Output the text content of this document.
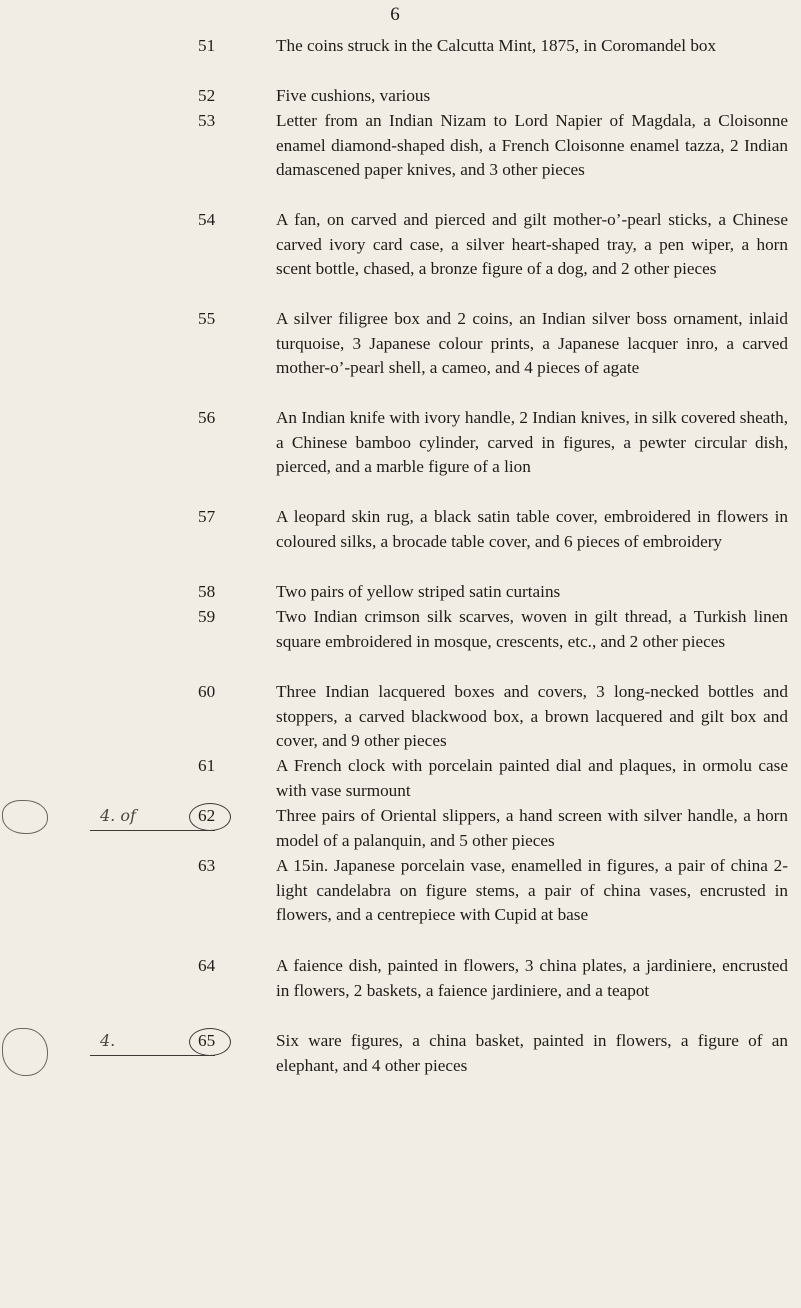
6
51	The coins struck in the Calcutta Mint, 1875, in Coromandel box

52	Five cushions, various

53	Letter from an Indian Nizam to Lord Napier of Magdala, a Cloisonne enamel diamond-shaped dish, a French Cloisonne enamel tazza, 2 Indian damascened paper knives, and 3 other pieces

54	A fan, on carved and pierced and gilt mother-o’-pearl sticks, a Chinese carved ivory card case, a silver heart-shaped tray, a pen wiper, a horn scent bottle, chased, a bronze figure of a dog, and 2 other pieces

55	A silver filigree box and 2 coins, an Indian silver boss ornament, inlaid turquoise, 3 Japanese colour prints, a Japanese lacquer inro, a carved mother-o’-pearl shell, a cameo, and 4 pieces of agate

56	An Indian knife with ivory handle, 2 Indian knives, in silk covered sheath, a Chinese bamboo cylinder, carved in figures, a pewter circular dish, pierced, and a marble figure of a lion

57	A leopard skin rug, a black satin table cover, embroidered in flowers in coloured silks, a brocade table cover, and 6 pieces of embroidery

58	Two pairs of yellow striped satin curtains

59	Two Indian crimson silk scarves, woven in gilt thread, a Turkish linen square embroidered in mosque, crescents, etc., and 2 other pieces

60	Three Indian lacquered boxes and covers, 3 long-necked bottles and stoppers, a carved blackwood box, a brown lacquered and gilt box and cover, and 9 other pieces

61	A French clock with porcelain painted dial and plaques, in ormolu case with vase surmount

62	Three pairs of Oriental slippers, a hand screen with silver handle, a horn model of a palanquin, and 5 other pieces

63	A 15in. Japanese porcelain vase, enamelled in figures, a pair of china 2-light candelabra on figure stems, a pair of china vases, encrusted in flowers, and a centrepiece with Cupid at base

64	A faience dish, painted in flowers, 3 china plates, a jardiniere, encrusted in flowers, 2 baskets, a faience jardiniere, and a teapot

65	Six ware figures, a china basket, painted in flowers, a figure of an elephant, and 4 other pieces

4. of
4.
